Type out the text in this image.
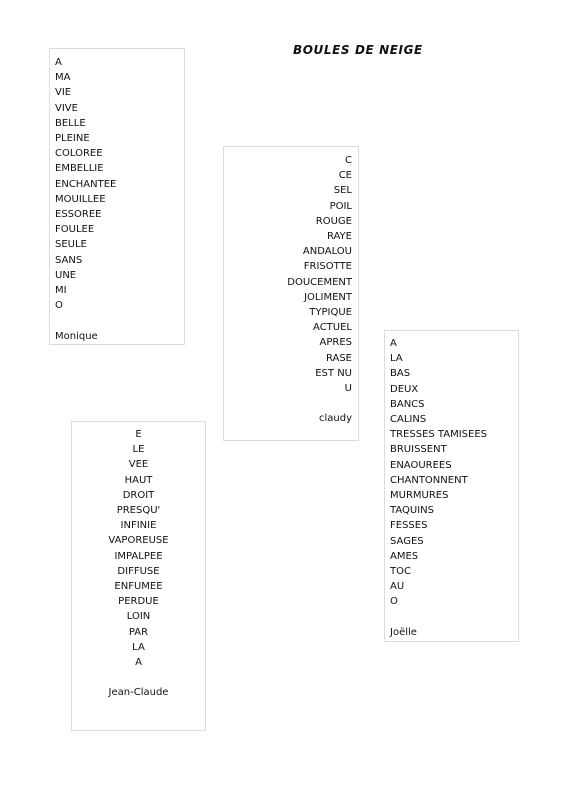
BOULES DE NEIGE
A
MA
VIE
VIVE
BELLE
PLEINE
COLOREE
EMBELLIE
ENCHANTEE
MOUILLEE
ESSOREE
FOULEE
SEULE
SANS
UNE
MI
O
Monique
C
CE
SEL
POIL
ROUGE
RAYE
ANDALOU
FRISOTTE
DOUCEMENT
JOLIMENT
TYPIQUE
ACTUEL
APRES
RASE
EST NU
U
claudy
A
LA
BAS
DEUX
BANCS
CALINS
TRESSES TAMISEES
BRUISSENT
ENAOUREES
CHANTONNENT
MURMURES
TAQUINS
FESSES
SAGES
AMES
TOC
AU
O
Joëlle
E
LE
VEE
HAUT
DROIT
PRESQU'
INFINIE
VAPOREUSE
IMPALPEE
DIFFUSE
ENFUMEE
PERDUE
LOIN
PAR
LA
A
Jean-Claude
